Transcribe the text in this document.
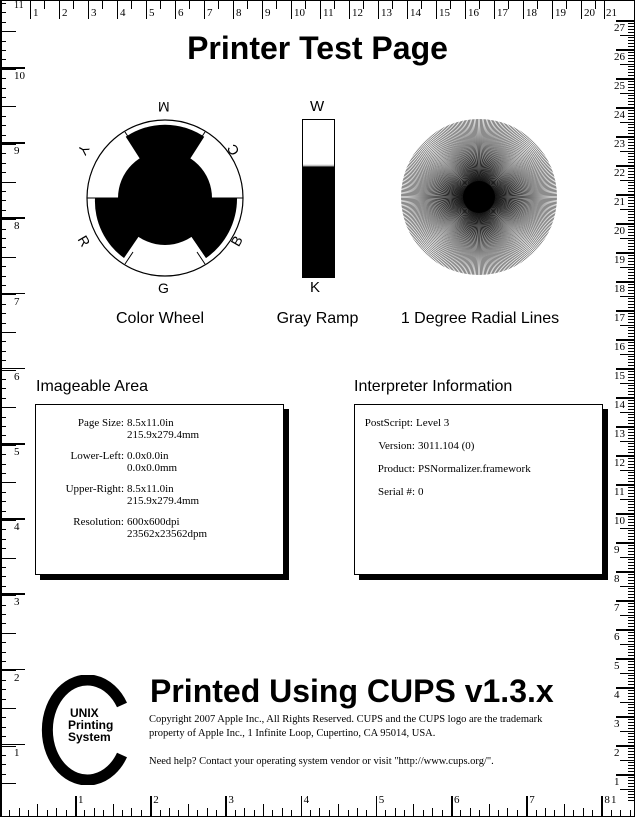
1 2 3 4 5 6 7 8 9 10 11 12 13 14 15 16 17 18 19 20
11
21
1	2	3	4	5	6	7	8 1
10
9
8
7
6
5
4
3
2
1
27
26
25
24
23
22
21
20
19
18
17
16
15
14
13
12
11
10
9
8
7
6
5
4
3
2
1
Printer Test Page
M
C
B
G
R
Y
Color Wheel
W
K
Gray Ramp	1 Degree Radial Lines
Imageable Area
Page Size: 8.5x11.0in
215.9x279.4mm
Lower-Left: 0.0x0.0in
0.0x0.0mm
Upper-Right: 8.5x11.0in
215.9x279.4mm
Resolution: 600x600dpi
23562x23562dpm
Interpreter Information
PostScript: Level 3
Version: 3011.104 (0)
Product: PSNormalizer.framework
Serial #: 0
UNIX
Printing
System
Printed Using CUPS v1.3.x
Copyright 2007 Apple Inc., All Rights Reserved. CUPS and the CUPS logo are the trademark
property of Apple Inc., 1 Infinite Loop, Cupertino, CA 95014, USA.
Need help? Contact your operating system vendor or visit "http://www.cups.org/".
